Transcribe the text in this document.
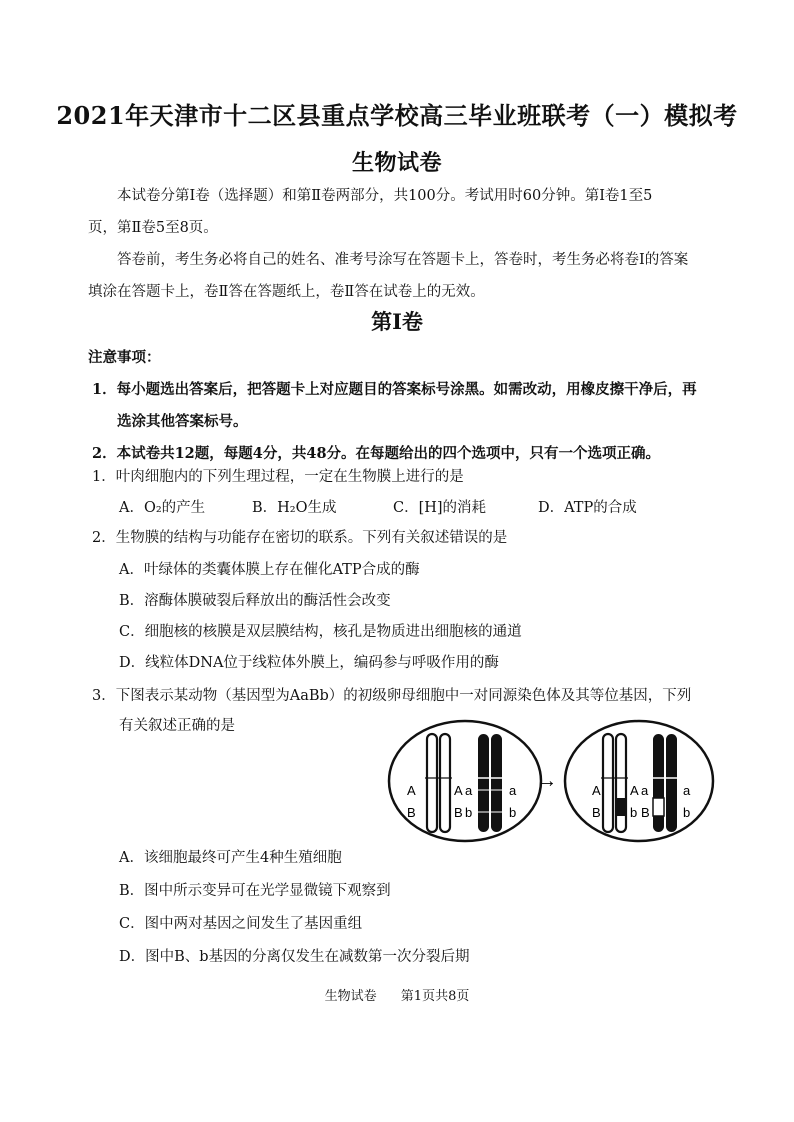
2021年天津市十二区县重点学校高三毕业班联考（一）模拟考
生物试卷
本试卷分第Ⅰ卷（选择题）和第Ⅱ卷两部分，共100分。考试用时60分钟。第Ⅰ卷1至5
页，第Ⅱ卷5至8页。
答卷前，考生务必将自己的姓名、准考号涂写在答题卡上，答卷时，考生务必将卷Ⅰ的答案
填涂在答题卡上，卷Ⅱ答在答题纸上，卷Ⅱ答在试卷上的无效。
第Ⅰ卷
注意事项：
1．每小题选出答案后，把答题卡上对应题目的答案标号涂黑。如需改动，用橡皮擦干净后，再
选涂其他答案标号。
2．本试卷共12题，每题4分，共48分。在每题给出的四个选项中，只有一个选项正确。
1．叶肉细胞内的下列生理过程，一定在生物膜上进行的是
A．O₂的产生	B．H₂O生成	C．[H]的消耗	D．ATP的合成
2．生物膜的结构与功能存在密切的联系。下列有关叙述错误的是
A．叶绿体的类囊体膜上存在催化ATP合成的酶
B．溶酶体膜破裂后释放出的酶活性会改变
C．细胞核的核膜是双层膜结构，核孔是物质进出细胞核的通道
D．线粒体DNA位于线粒体外膜上，编码参与呼吸作用的酶
3．下图表示某动物（基因型为AaBb）的初级卵母细胞中一对同源染色体及其等位基因，下列
有关叙述正确的是
A
B
A
B
a
b
a
b
→	A
B
A
B
a
b
a
b
A．该细胞最终可产生4种生殖细胞
B．图中所示变异可在光学显微镜下观察到
C．图中两对基因之间发生了基因重组
D．图中B、b基因的分离仅发生在减数第一次分裂后期
生物试卷 第1页共8页
